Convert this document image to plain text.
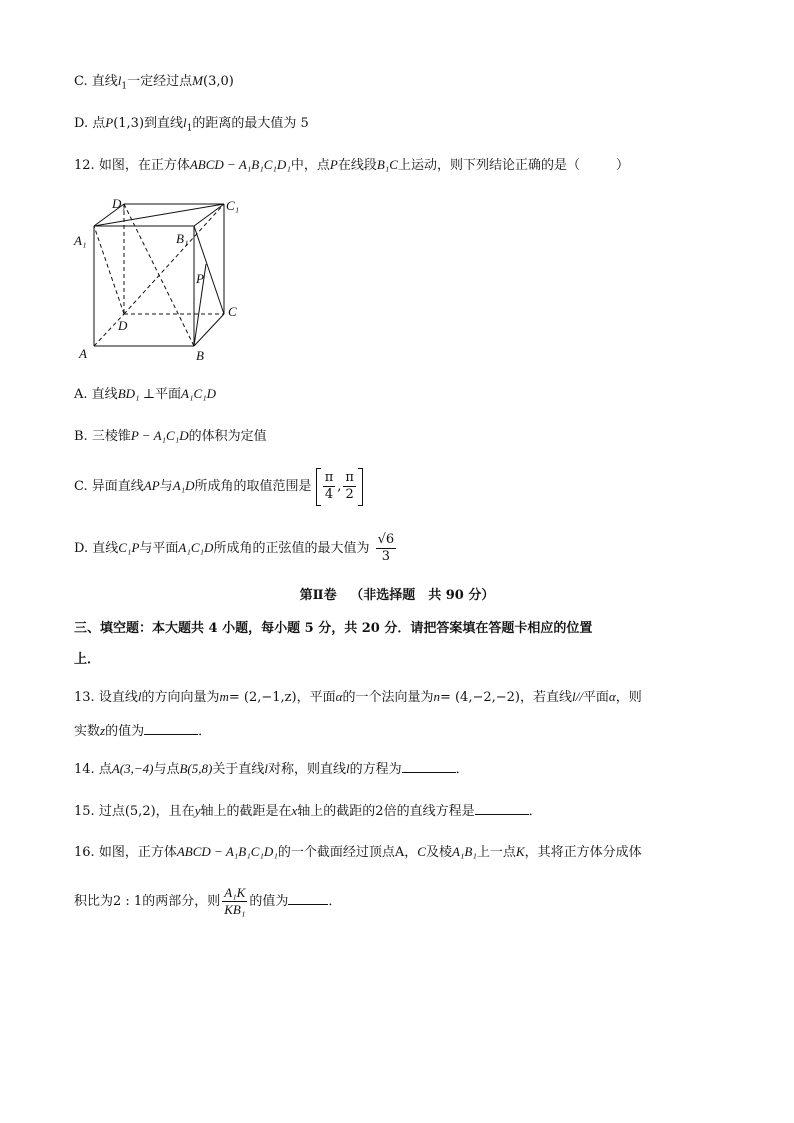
C. 直线$l_1$一定经过点M(3,0)
D. 点P(1,3)到直线$l_1$的距离的最大值为 5
12. 如图，在正方体ABCD − A₁B₁C₁D₁中，点P在线段B₁C上运动，则下列结论正确的是（	）
D₁	C₁
A₁	B₁
P
D
C
A	B
A. 直线BD₁ ⊥平面A₁C₁D
B. 三棱锥P − A₁C₁D的体积为定值
C. 异面直线AP与A₁D所成角的取值范围是 $\frac{\pi}{4}$ , $\frac{\pi}{2}$
D. 直线C₁P与平面A₁C₁D所成角的正弦值的最大值为 $\frac{√6}{3}$
第Ⅱ卷 （非选择题　共 90 分）
三、填空题：本大题共 4 小题，每小题 5 分，共 20 分．请把答案填在答题卡相应的位置
上．
13. 设直线l的方向向量为m= (2,−1,z)，平面α的一个法向量为n= (4,−2,−2)，若直线l//平面α，则
实数z的值为	．
14. 点A(3,−4)与点B(5,8)关于直线l对称，则直线l的方程为	．
15. 过点(5,2)，且在y轴上的截距是在x轴上的截距的2倍的直线方程是	．
16. 如图，正方体ABCD − A₁B₁C₁D₁的一个截面经过顶点A，C及棱A₁B₁上一点K，其将正方体分成体
积比为2 : 1的两部分，则 $\frac{\text{A₁K}}{\text{KB₁}}$ 的值为	．
